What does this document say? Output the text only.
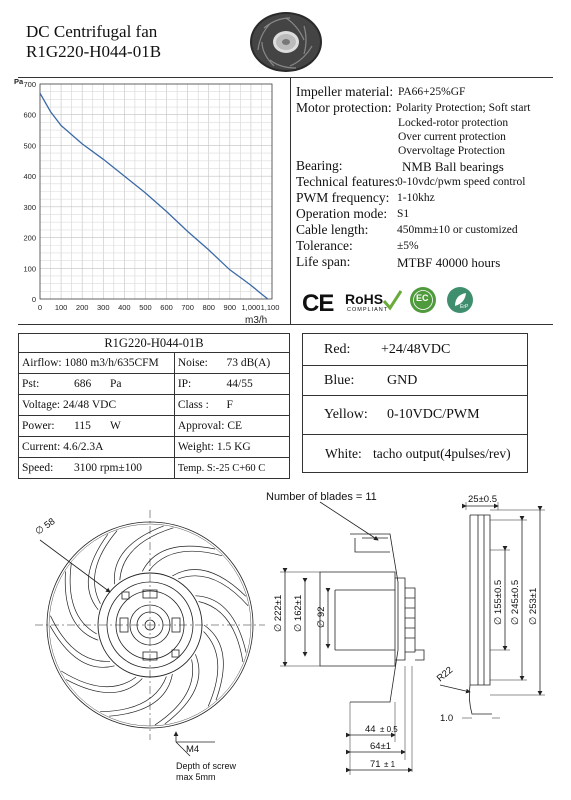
DC Centrifugal fan
R1G220-H044-01B
0
100
200
300
400
500
600
700
0 100 200 300 400 500 600 700 800 900 1,000 1,100
Pa
m3/h
Impeller material: PA66+25%GF
Motor protection: Polarity Protection; Soft start
Locked-rotor protection
Over current protection
Overvoltage Protection
Bearing:	NMB Ball bearings
Technical features:
0-10vdc/pwm speed control
PWM frequency: 1-10khz
Operation mode: S1
Cable length: 450mm±10 or customized
Tolerance:	±5%
Life span:	MTBF 40000 hours
CE RoHS
COMPLIANT
EC
ErP
R1G220-H044-01B				
Airflow: 1080 m3/h/635CFM			Noise:	73 dB(A)
Pst:	686	Pa	IP:	44/55
Voltage: 24/48 VDC			Class :	F
Power:	115	W	Approval: CE	
Current: 4.6/2.3A			Weight: 1.5 KG	
Speed:	3100 rpm±100		Temp. S:-25 C+60 C	
Red: +24/48VDC
Blue: GND
Yellow: 0-10VDC/PWM
White: tacho output(4pulses/rev)
Number of blades = 11
∅ 58
M4
Depth of screw
max 5mm
∅ 222±1 ∅ 162±1 ∅ 92
44 ± 0.5
64±1
71 ± 1
25±0.5
∅ 155±0.5 ∅ 245±0.5 ∅ 253±1
R22
1.0
